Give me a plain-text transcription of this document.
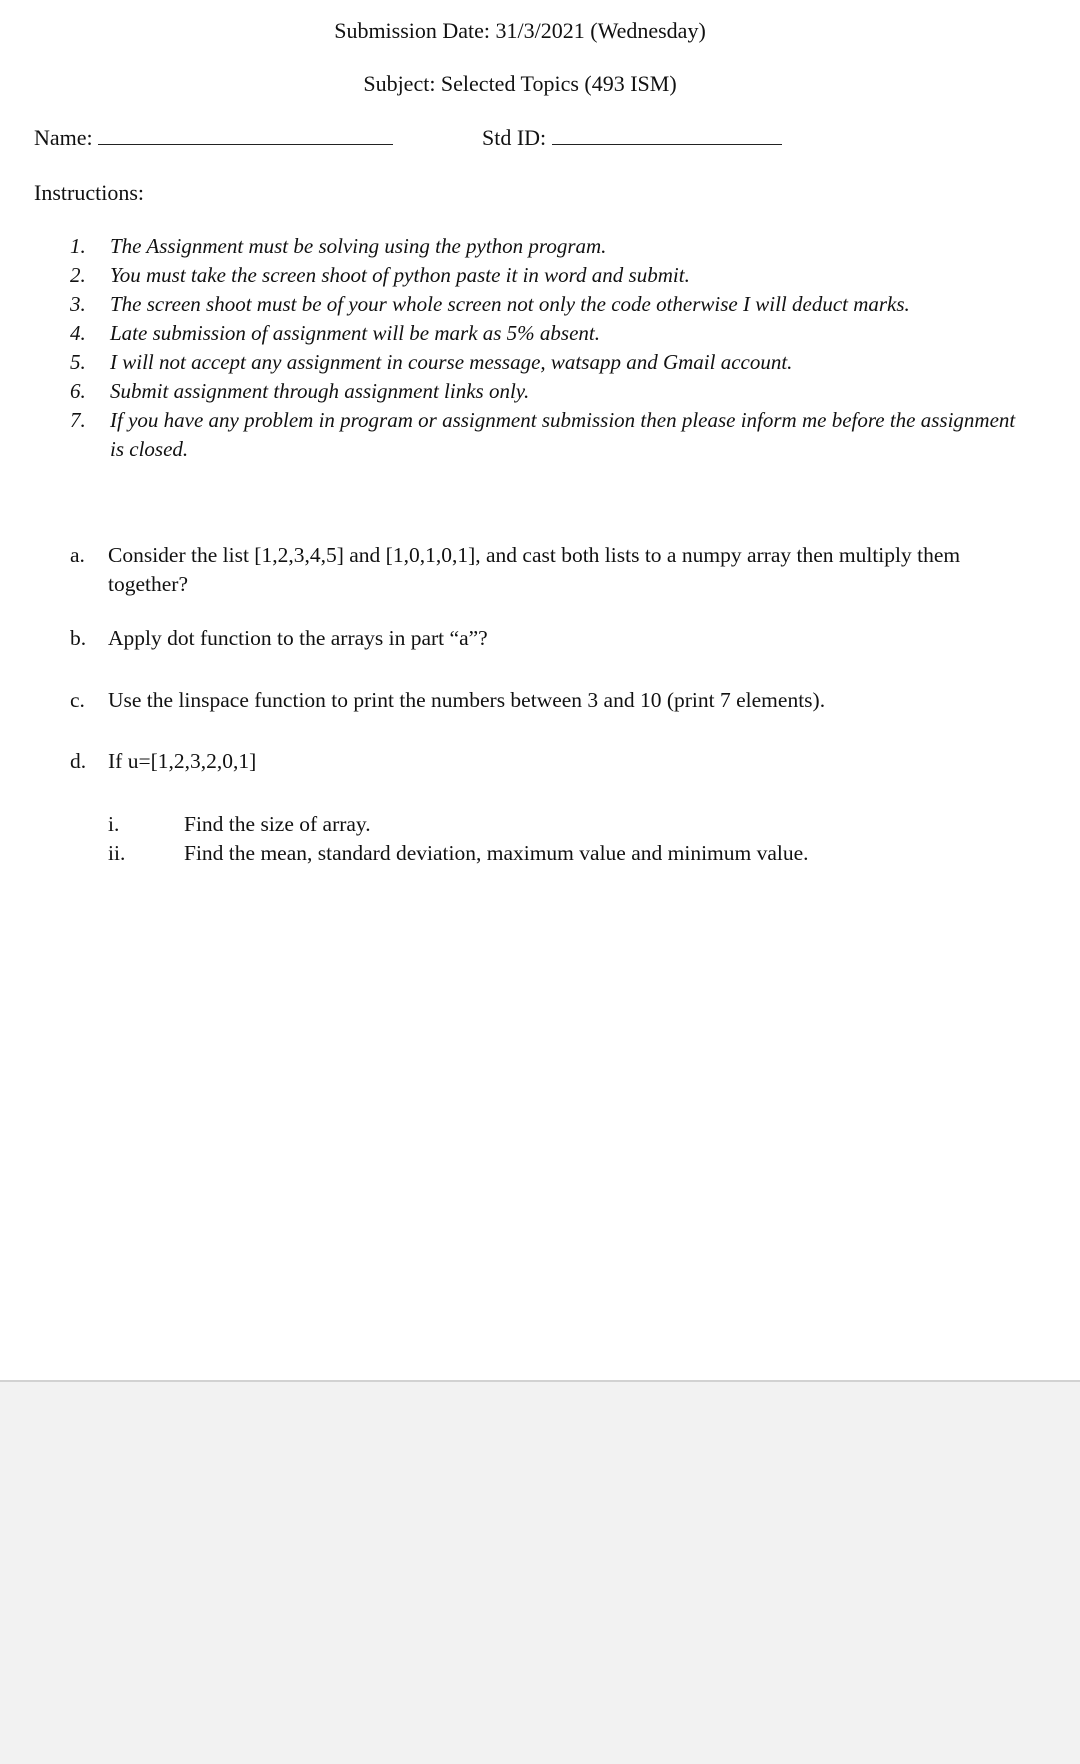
Submission Date: 31/3/2021 (Wednesday)
Subject: Selected Topics (493 ISM)
Name:	Std ID:
Instructions:
1. The Assignment must be solving using the python program.
2. You must take the screen shoot of python paste it in word and submit.
3. The screen shoot must be of your whole screen not only the code otherwise I will deduct marks.
4. Late submission of assignment will be mark as 5% absent.
5. I will not accept any assignment in course message, watsapp and Gmail account.
6. Submit assignment through assignment links only.
7. If you have any problem in program or assignment submission then please inform me before the assignment is closed.
a. Consider the list [1,2,3,4,5] and [1,0,1,0,1], and cast both lists to a numpy array then multiply them together?
b. Apply dot function to the arrays in part “a”?
c. Use the linspace function to print the numbers between 3 and 10 (print 7 elements).
d. If u=[1,2,3,2,0,1]
i.	Find the size of array.
ii.	Find the mean, standard deviation, maximum value and minimum value.
